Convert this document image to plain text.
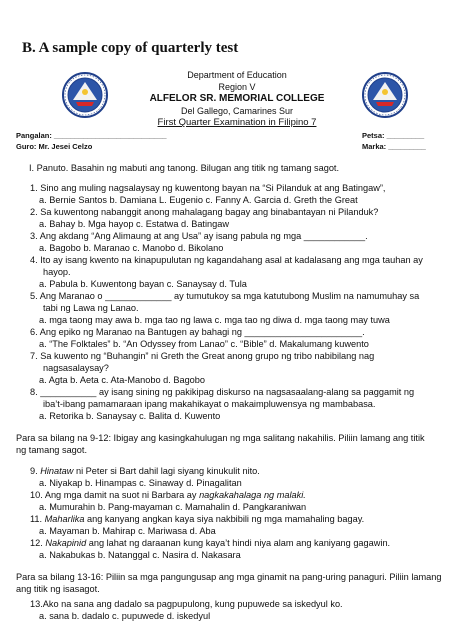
B. A sample copy of quarterly test
Department of Education
Region V
ALFELOR SR. MEMORIAL COLLEGE
Del Gallego, Camarines Sur
First Quarter Examination in Filipino 7
Pangalan: ___________________________	Petsa: _________
Guro: Mr. Jesei Celzo	Marka: _________
I. Panuto. Basahin ng mabuti ang tanong. Bilugan ang titik ng tamang sagot.
1. Sino ang muling nagsalaysay ng kuwentong bayan na “Si Pilanduk at ang Batingaw”,
a. Bernie Santos b. Damiana L. Eugenio c. Fanny A. Garcia d. Greth the Great
2. Sa kuwentong nabanggit anong mahalagang bagay ang binabantayan ni Pilanduk?
a. Bahay b. Mga hayop c. Estatwa d. Batingaw
3. Ang akdang “Ang Alimaung at ang Usa” ay isang pabula ng mga ____________.
a. Bagobo b. Maranao c. Manobo d. Bikolano
4. Ito ay isang kwento na kinapupulutan ng kagandahang asal at kadalasang ang mga tauhan ay
hayop.
a. Pabula b. Kuwentong bayan c. Sanaysay d. Tula
5. Ang Maranao o _____________ ay tumutukoy sa mga katutubong Muslim na namumuhay sa
tabi ng Lawa ng Lanao.
a. mga taong may awa b. mga tao ng lawa c. mga tao ng diwa d. mga taong may tuwa
6. Ang epiko ng Maranao na Bantugen ay bahagi ng _______________________.
a. “The Folktales” b. “An Odyssey from Lanao” c. “Bible” d. Makalumang kuwento
7. Sa kuwento ng “Buhangin” ni Greth the Great anong grupo ng tribo nabibilang nag
nagsasalaysay?
a. Agta b. Aeta c. Ata-Manobo d. Bagobo
8. ___________ ay isang sining ng pakikipag diskurso na nagsasaalang-alang sa paggamit ng
iba’t-ibang pamamaraan ipang makahikayat o makaimpluwensya ng mambabasa.
a. Retorika b. Sanaysay c. Balita d. Kuwento
Para sa bilang na 9-12: Ibigay ang kasingkahulugan ng mga salitang nakahilis. Piliin lamang ang titik
ng tamang sagot.
9. Hinataw ni Peter si Bart dahil lagi siyang kinukulit nito.
a. Niyakap b. Hinampas c. Sinaway d. Pinagalitan
10. Ang mga damit na suot ni Barbara ay nagkakahalaga ng malaki.
a. Mumurahin b. Pang-mayaman c. Mamahalin d. Pangkaraniwan
11. Maharlika ang kanyang angkan kaya siya nakbibili ng mga mamahaling bagay.
a. Mayaman b. Mahirap c. Mariwasa d. Aba
12. Nakapinid ang lahat ng daraanan kung kaya’t hindi niya alam ang kaniyang gagawin.
a. Nakabukas b. Natanggal c. Nasira d. Nakasara
Para sa bilang 13-16: Piliin sa mga pangungusap ang mga ginamit na pang-uring panaguri. Piliin lamang
ang titik ng isasagot.
13.Ako na sana ang dadalo sa pagpupulong, kung pupuwede sa iskedyul ko.
a. sana b. dadalo c. pupuwede d. iskedyul
